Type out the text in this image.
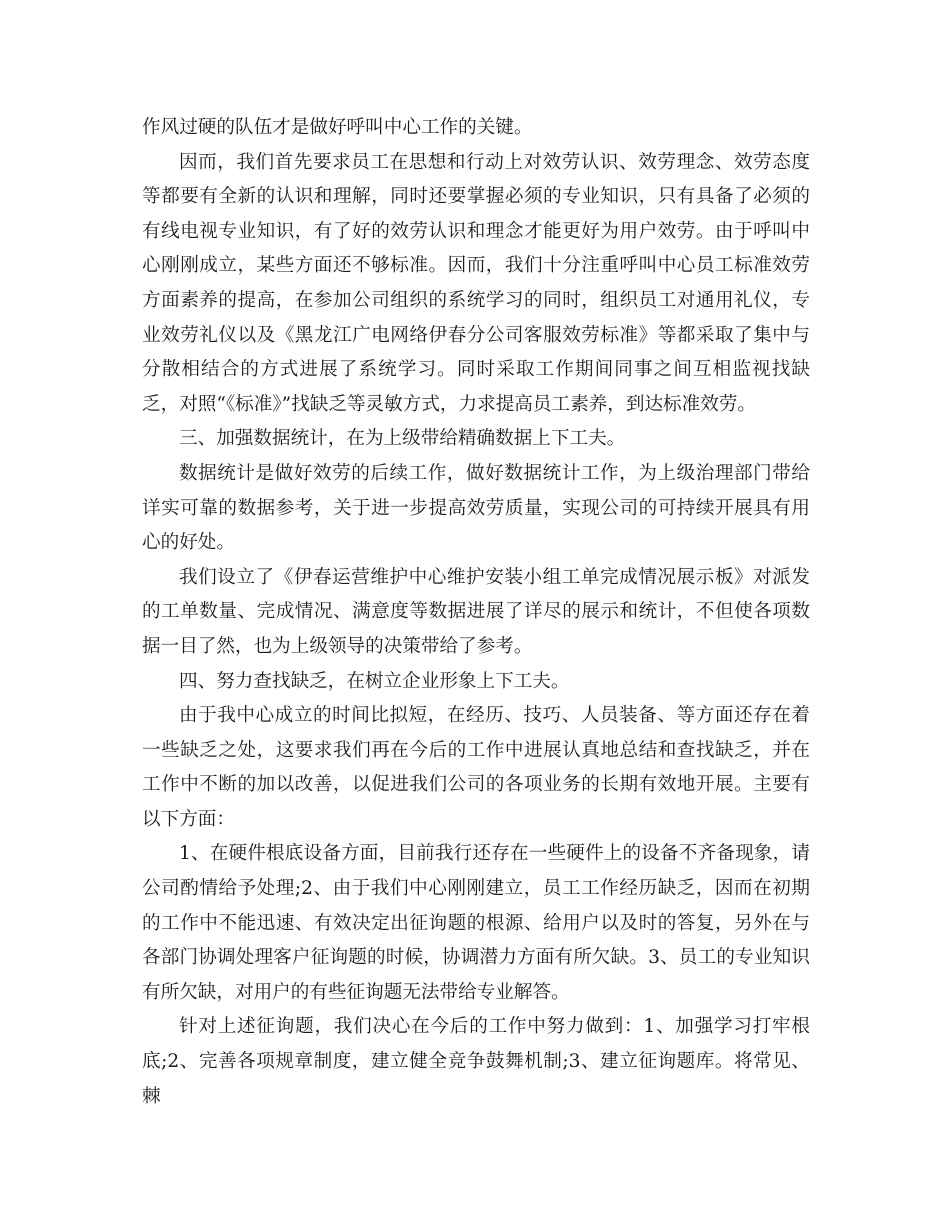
作风过硬的队伍才是做好呼叫中心工作的关键。

因而，我们首先要求员工在思想和行动上对效劳认识、效劳理念、效劳态度等都要有全新的认识和理解，同时还要掌握必须的专业知识，只有具备了必须的有线电视专业知识，有了好的效劳认识和理念才能更好为用户效劳。由于呼叫中心刚刚成立，某些方面还不够标准。因而，我们十分注重呼叫中心员工标准效劳方面素养的提高，在参加公司组织的系统学习的同时，组织员工对通用礼仪，专业效劳礼仪以及《黑龙江广电网络伊春分公司客服效劳标准》等都采取了集中与分散相结合的方式进展了系统学习。同时采取工作期间同事之间互相监视找缺乏，对照“《标准》”找缺乏等灵敏方式，力求提高员工素养，到达标准效劳。

三、加强数据统计，在为上级带给精确数据上下工夫。

数据统计是做好效劳的后续工作，做好数据统计工作，为上级治理部门带给详实可靠的数据参考，关于进一步提高效劳质量，实现公司的可持续开展具有用心的好处。

我们设立了《伊春运营维护中心维护安装小组工单完成情况展示板》对派发的工单数量、完成情况、满意度等数据进展了详尽的展示和统计，不但使各项数据一目了然，也为上级领导的决策带给了参考。

四、努力查找缺乏，在树立企业形象上下工夫。

由于我中心成立的时间比拟短，在经历、技巧、人员装备、等方面还存在着一些缺乏之处，这要求我们再在今后的工作中进展认真地总结和查找缺乏，并在工作中不断的加以改善，以促进我们公司的各项业务的长期有效地开展。主要有以下方面：

1、在硬件根底设备方面，目前我行还存在一些硬件上的设备不齐备现象，请公司酌情给予处理;2、由于我们中心刚刚建立，员工工作经历缺乏，因而在初期的工作中不能迅速、有效决定出征询题的根源、给用户以及时的答复，另外在与各部门协调处理客户征询题的时候，协调潜力方面有所欠缺。3、员工的专业知识有所欠缺，对用户的有些征询题无法带给专业解答。

针对上述征询题，我们决心在今后的工作中努力做到：1、加强学习打牢根底;2、完善各项规章制度，建立健全竞争鼓舞机制;3、建立征询题库。将常见、棘
